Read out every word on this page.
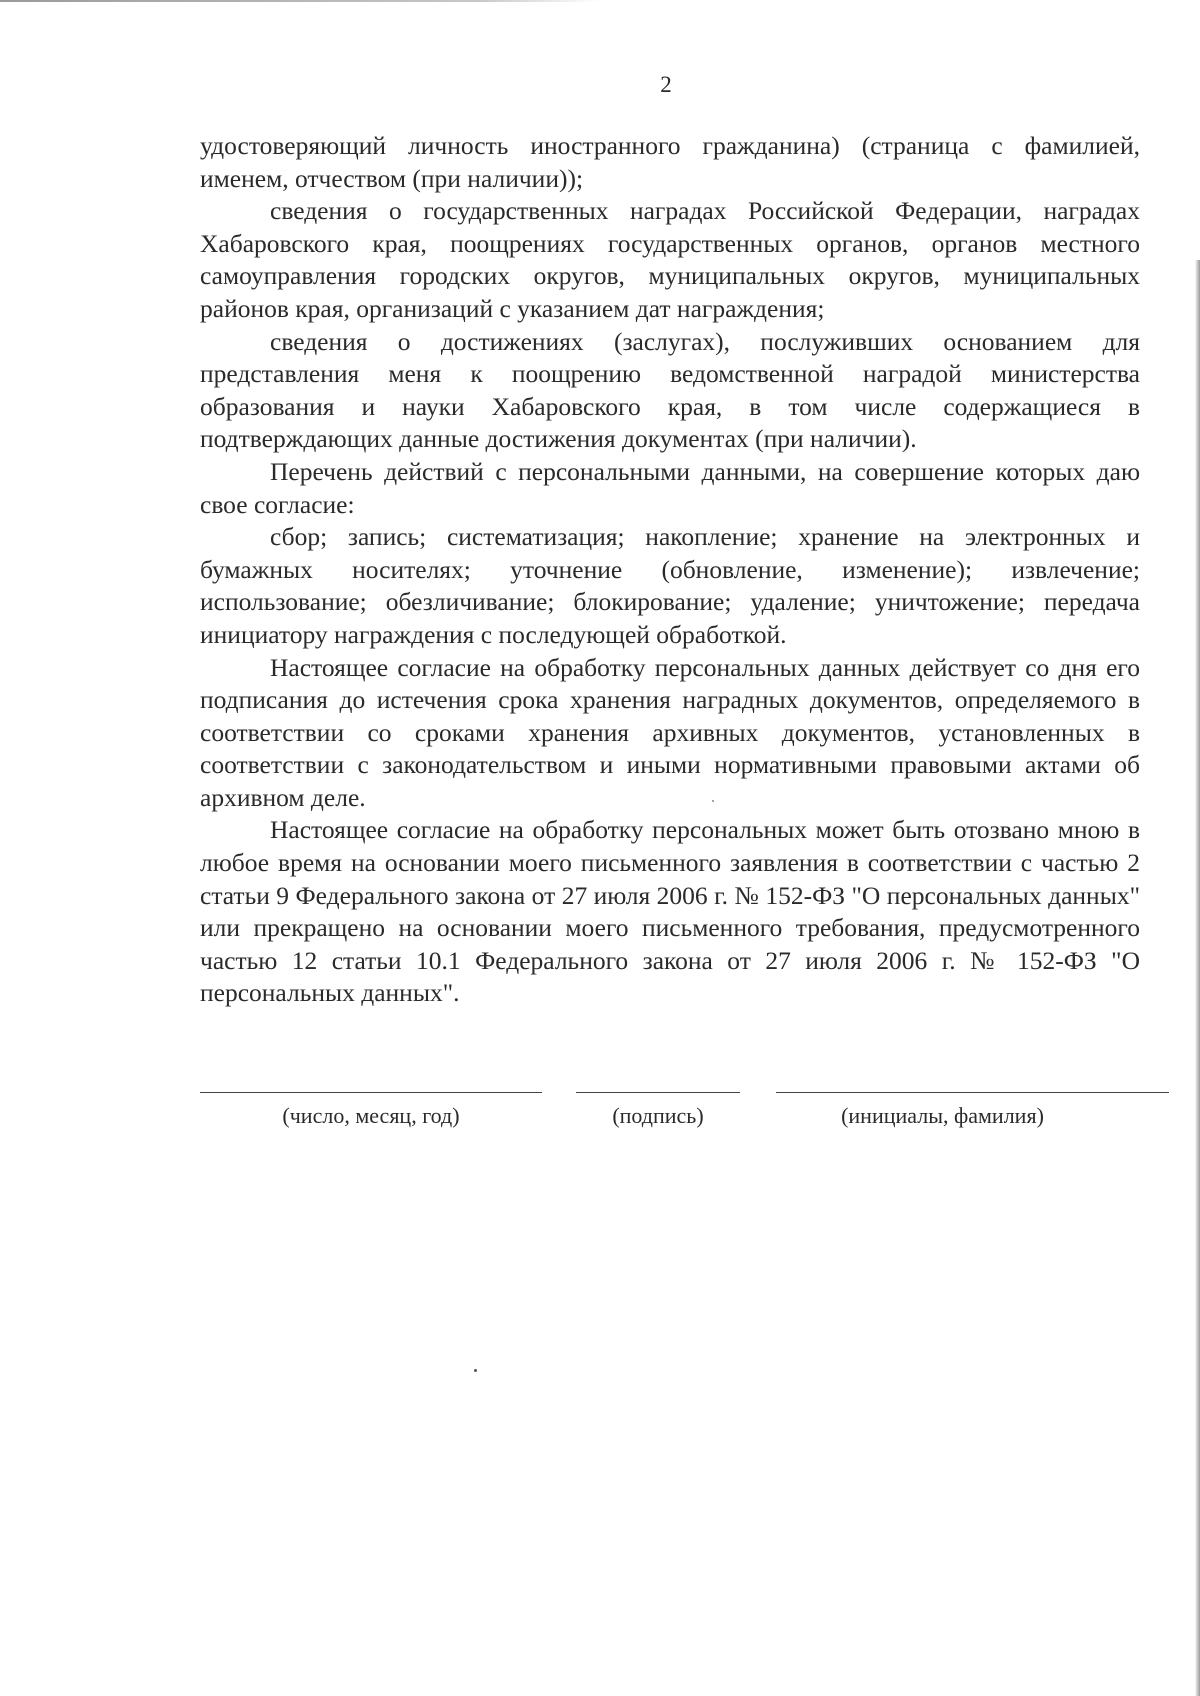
2

удостоверяющий личность иностранного гражданина) (страница с фамилией, именем, отчеством (при наличии));

сведения о государственных наградах Российской Федерации, наградах Хабаровского края, поощрениях государственных органов, органов местного самоуправления городских округов, муниципальных округов, муниципальных районов края, организаций с указанием дат награждения;

сведения о достижениях (заслугах), послуживших основанием для представления меня к поощрению ведомственной наградой министерства образования и науки Хабаровского края, в том числе содержащиеся в подтверждающих данные достижения документах (при наличии).

Перечень действий с персональными данными, на совершение которых даю свое согласие:

сбор; запись; систематизация; накопление; хранение на электронных и бумажных носителях; уточнение (обновление, изменение); извлечение; использование; обезличивание; блокирование; удаление; уничтожение; передача инициатору награждения с последующей обработкой.

Настоящее согласие на обработку персональных данных действует со дня его подписания до истечения срока хранения наградных документов, определяемого в соответствии со сроками хранения архивных документов, установленных в соответствии с законодательством и иными нормативными правовыми актами об архивном деле.

Настоящее согласие на обработку персональных может быть отозвано мною в любое время на основании моего письменного заявления в соответствии с частью 2 статьи 9 Федерального закона от 27 июля 2006 г. № 152-ФЗ "О персональных данных" или прекращено на основании моего письменного требования, предусмотренного частью 12 статьи 10.1 Федерального закона от 27 июля 2006 г. № 152-ФЗ "О персональных данных".

(число, месяц, год)	(подпись)	(инициалы, фамилия)
